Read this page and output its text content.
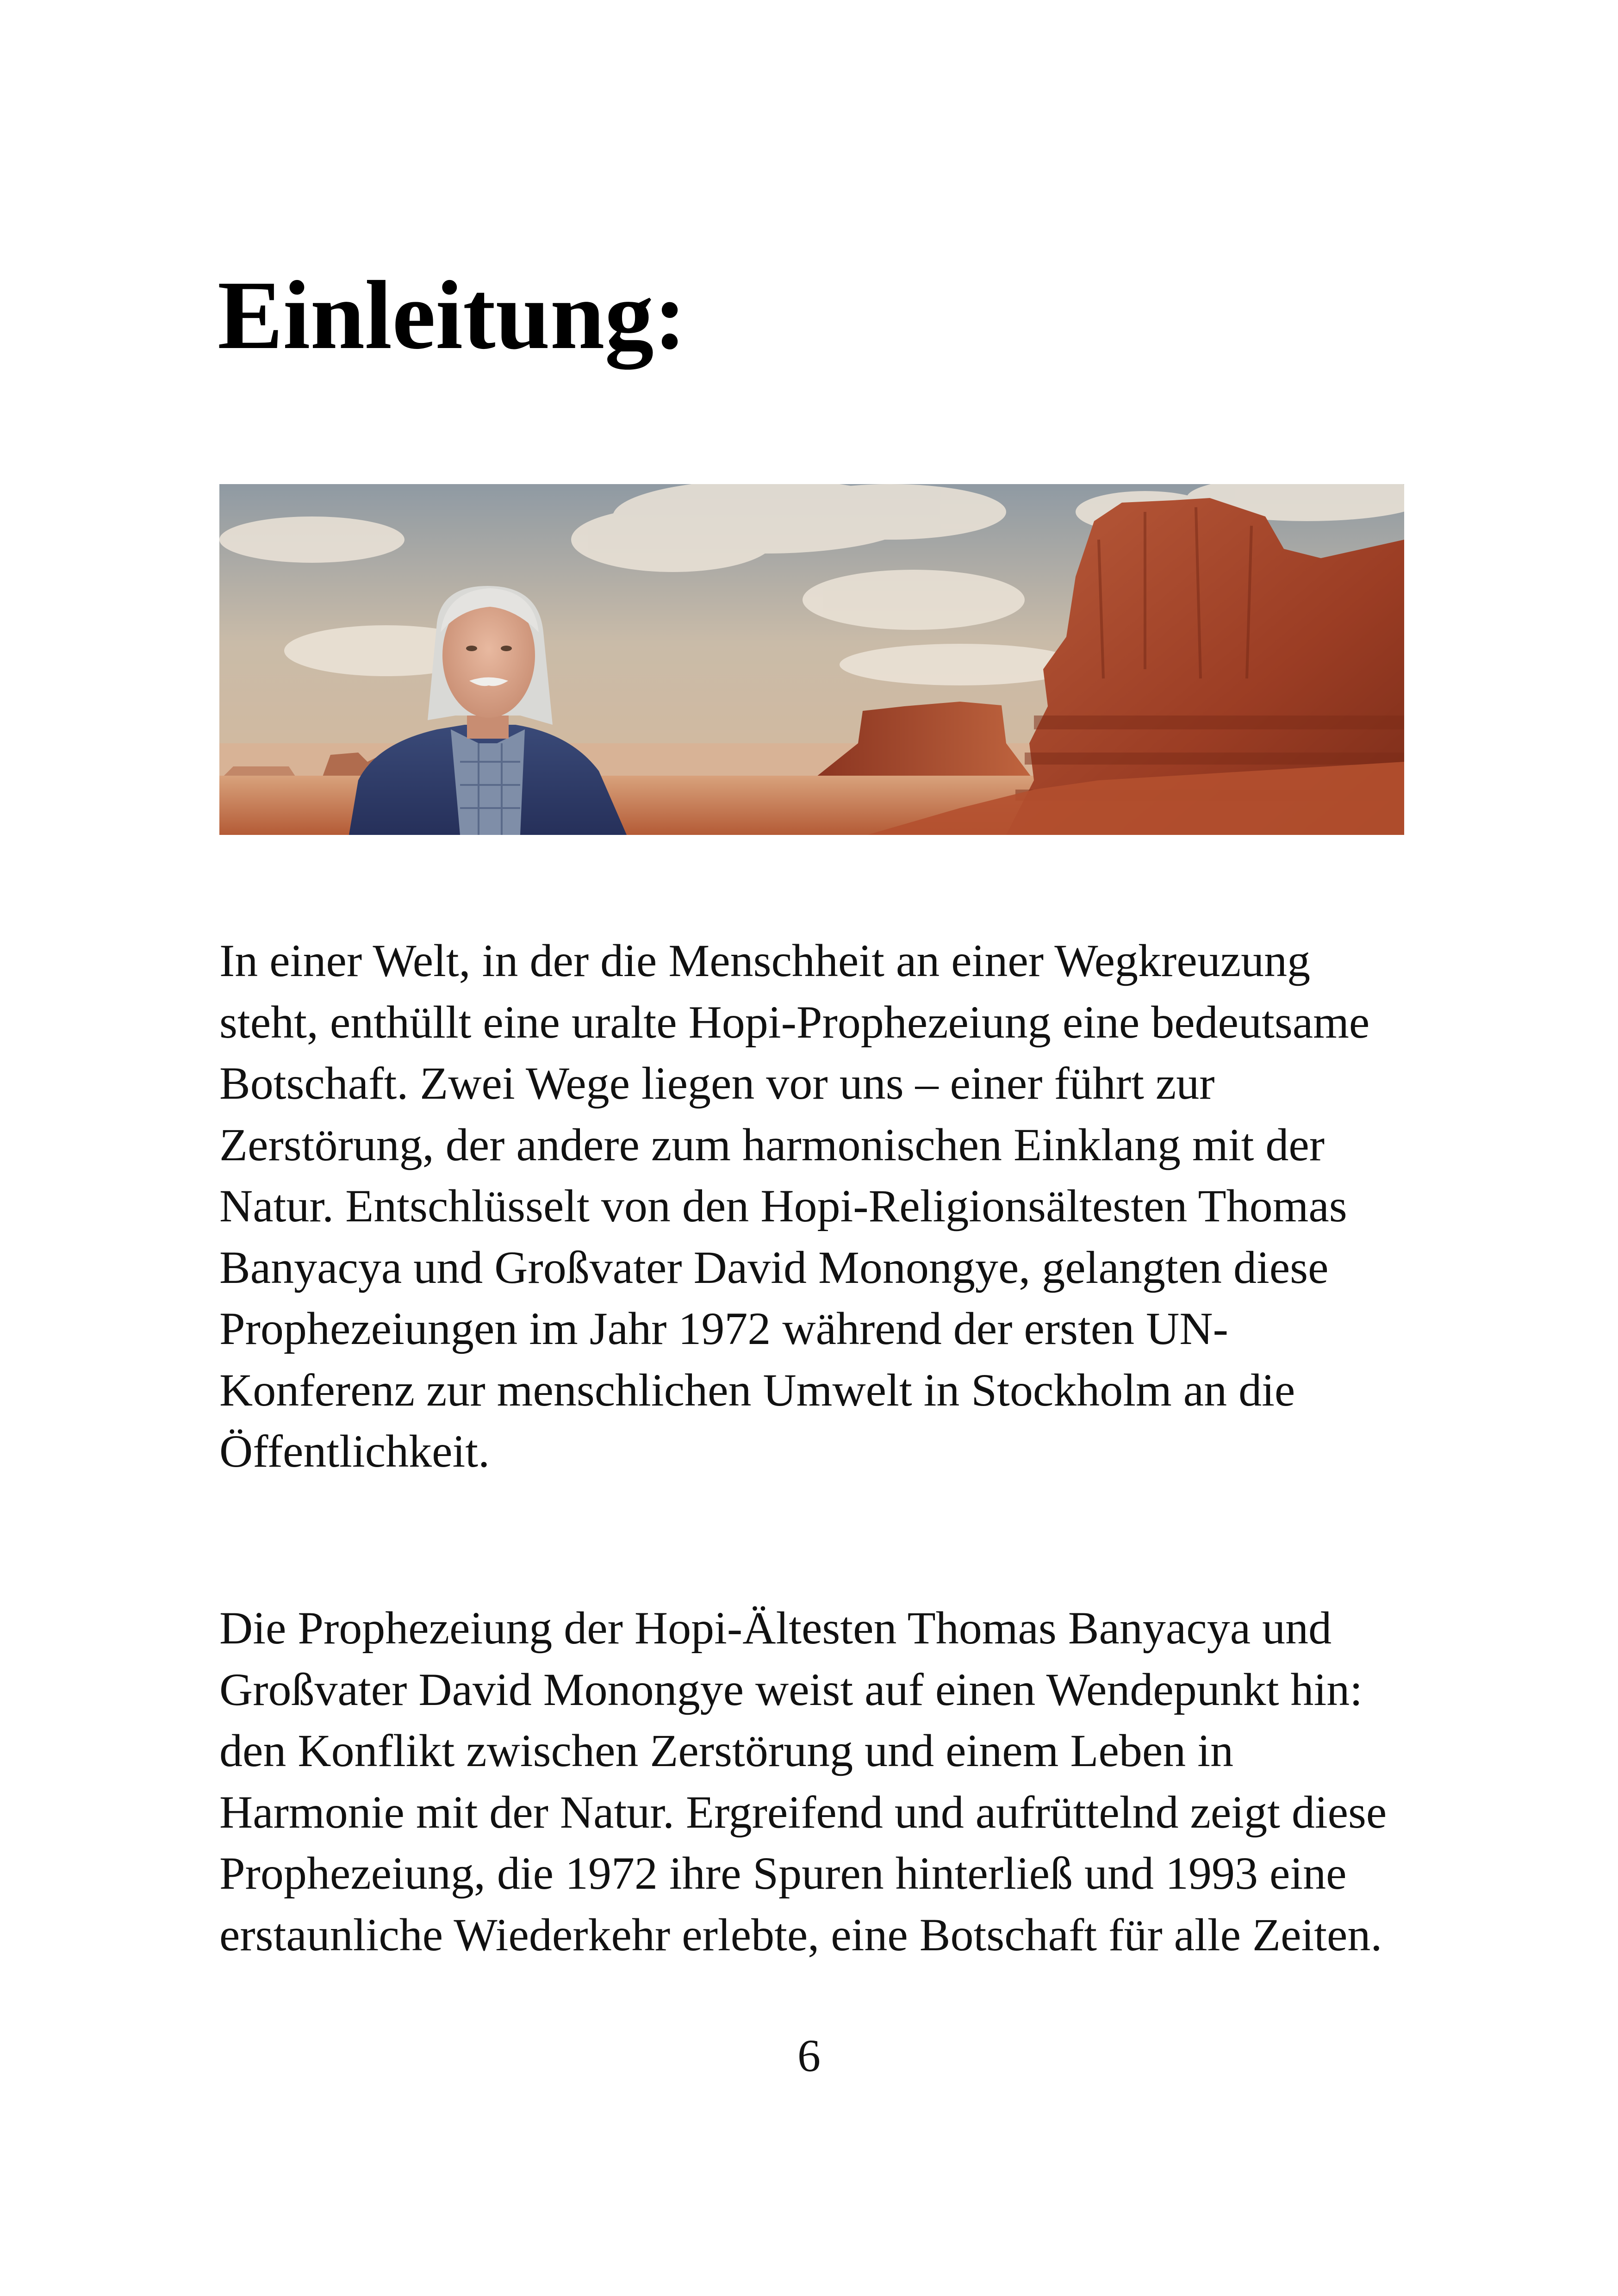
Einleitung:

In einer Welt, in der die Menschheit an einer Wegkreuzung
steht, enthüllt eine uralte Hopi-Prophezeiung eine bedeutsame
Botschaft. Zwei Wege liegen vor uns – einer führt zur
Zerstörung, der andere zum harmonischen Einklang mit der
Natur. Entschlüsselt von den Hopi-Religionsältesten Thomas
Banyacya und Großvater David Monongye, gelangten diese
Prophezeiungen im Jahr 1972 während der ersten UN-
Konferenz zur menschlichen Umwelt in Stockholm an die
Öffentlichkeit.

Die Prophezeiung der Hopi-Ältesten Thomas Banyacya und
Großvater David Monongye weist auf einen Wendepunkt hin:
den Konflikt zwischen Zerstörung und einem Leben in
Harmonie mit der Natur. Ergreifend und aufrüttelnd zeigt diese
Prophezeiung, die 1972 ihre Spuren hinterließ und 1993 eine
erstaunliche Wiederkehr erlebte, eine Botschaft für alle Zeiten.

6
